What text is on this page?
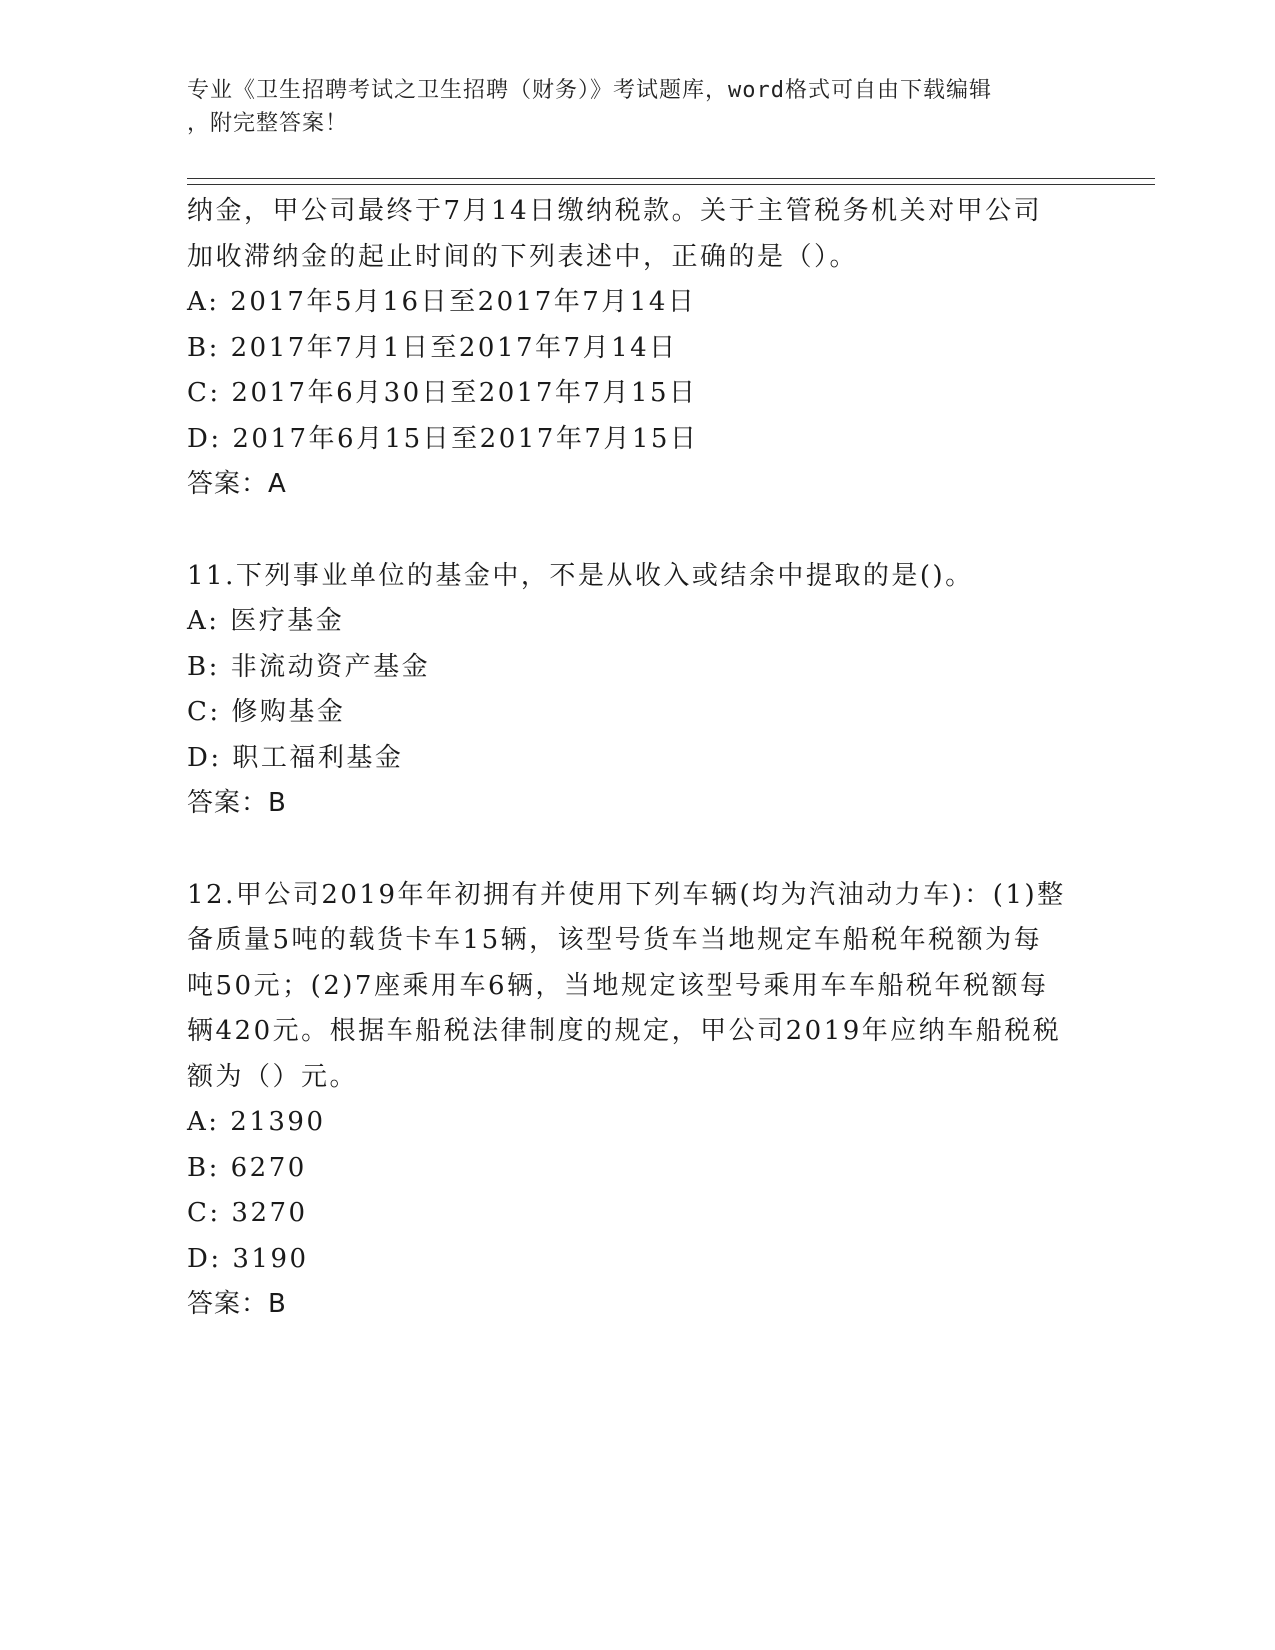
专业《卫生招聘考试之卫生招聘（财务）》考试题库，word格式可自由下载编辑
，附完整答案！
纳金，甲公司最终于7月14日缴纳税款。关于主管税务机关对甲公司
加收滞纳金的起止时间的下列表述中，正确的是（）。
A: 2017年5月16日至2017年7月14日
B: 2017年7月1日至2017年7月14日
C: 2017年6月30日至2017年7月15日
D: 2017年6月15日至2017年7月15日
答案：A
11.下列事业单位的基金中，不是从收入或结余中提取的是()。
A: 医疗基金
B: 非流动资产基金
C: 修购基金
D: 职工福利基金
答案：B
12.甲公司2019年年初拥有并使用下列车辆(均为汽油动力车)：(1)整
备质量5吨的载货卡车15辆，该型号货车当地规定车船税年税额为每
吨50元；(2)7座乘用车6辆，当地规定该型号乘用车车船税年税额每
辆420元。根据车船税法律制度的规定，甲公司2019年应纳车船税税
额为（）元。
A: 21390
B: 6270
C: 3270
D: 3190
答案：B
